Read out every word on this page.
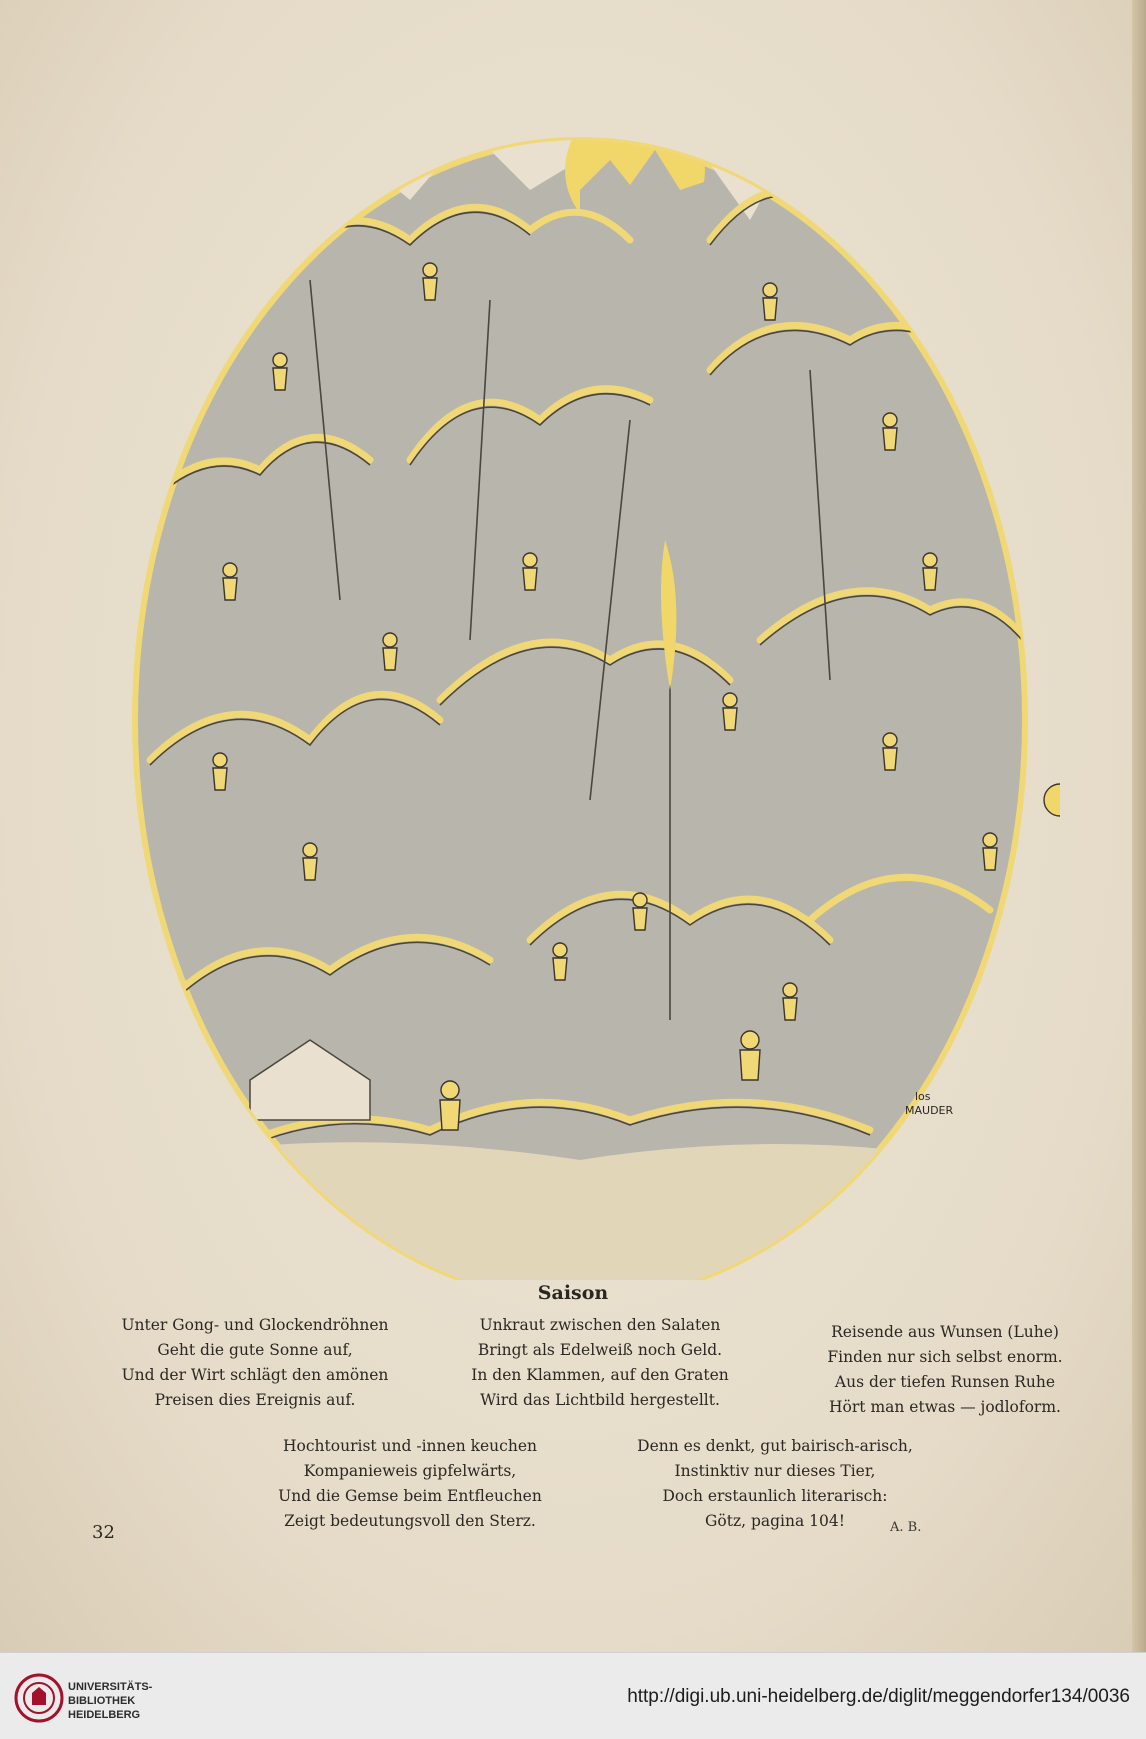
los
MAUDER
Saison
Unter Gong- und Glockendröhnen
Geht die gute Sonne auf,
Und der Wirt schlägt den amönen
Preisen dies Ereignis auf.
Unkraut zwischen den Salaten
Bringt als Edelweiß noch Geld.
In den Klammen, auf den Graten
Wird das Lichtbild hergestellt.
Reisende aus Wunsen (Luhe)
Finden nur sich selbst enorm.
Aus der tiefen Runsen Ruhe
Hört man etwas — jodloform.
Hochtourist und -innen keuchen
Kompanieweis gipfelwärts,
Und die Gemse beim Entfleuchen
Zeigt bedeutungsvoll den Sterz.
Denn es denkt, gut bairisch-arisch,
Instinktiv nur dieses Tier,
Doch erstaunlich literarisch:
Götz, pagina 104!	A. B.
32
UNIVERSITÄTS-
BIBLIOTHEK
HEIDELBERG
http://digi.ub.uni-heidelberg.de/diglit/meggendorfer134/0036
